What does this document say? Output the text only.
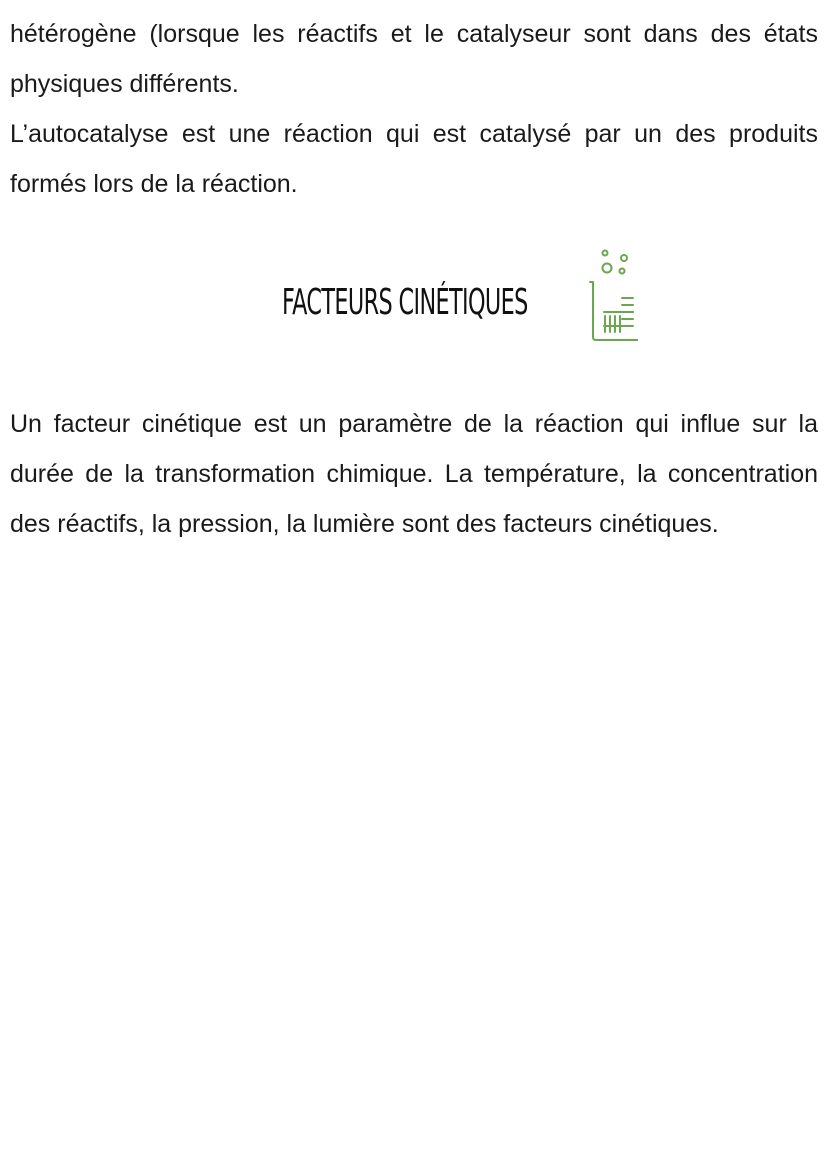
hétérogène (lorsque les réactifs et le catalyseur sont dans des états physiques différents.

L’autocatalyse est une réaction qui est catalysé par un des produits formés lors de la réaction.

FACTEURS CINÉTIQUES

Un facteur cinétique est un paramètre de la réaction qui influe sur la durée de la transformation chimique. La température, la concentration des réactifs, la pression, la lumière sont des facteurs cinétiques.
